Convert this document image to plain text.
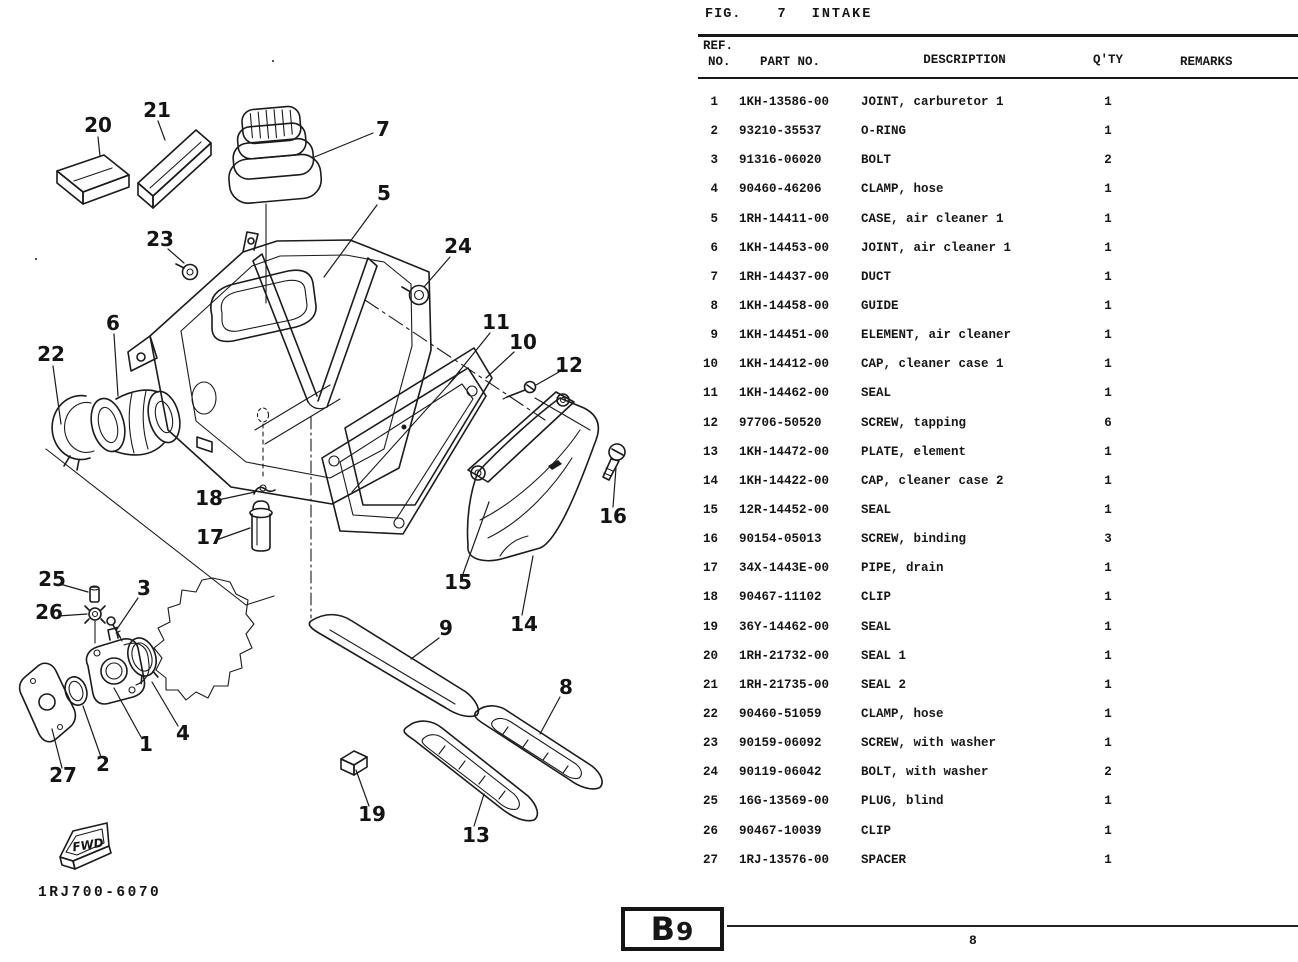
1
2
3
4
5
6
7
8
9
10
11
12
13
14
15
16
17
18
19
20
21
22
23	24
25
26
27
FWD
1RJ700-6070
FIG.	7 INTAKE
REF.
NO. PART NO.	DESCRIPTION	Q'TY	REMARKS
1	1KH-13586-00	JOINT, carburetor 1	1
2	93210-35537	O-RING	1
3	91316-06020	BOLT	2
4	90460-46206	CLAMP, hose	1
5	1RH-14411-00	CASE, air cleaner 1	1
6	1KH-14453-00	JOINT, air cleaner 1	1
7	1RH-14437-00	DUCT	1
8	1KH-14458-00	GUIDE	1
9	1KH-14451-00	ELEMENT, air cleaner	1
10	1KH-14412-00	CAP, cleaner case 1	1
11	1KH-14462-00	SEAL	1
12	97706-50520	SCREW, tapping	6
13	1KH-14472-00	PLATE, element	1
14	1KH-14422-00	CAP, cleaner case 2	1
15	12R-14452-00	SEAL	1
16	90154-05013	SCREW, binding	3
17	34X-1443E-00	PIPE, drain	1
18	90467-11102	CLIP	1
19	36Y-14462-00	SEAL	1
20	1RH-21732-00	SEAL 1	1
21	1RH-21735-00	SEAL 2	1
22	90460-51059	CLAMP, hose	1
23	90159-06092	SCREW, with washer	1
24	90119-06042	BOLT, with washer	2
25	16G-13569-00	PLUG, blind	1
26	90467-10039	CLIP	1
27	1RJ-13576-00	SPACER	1
B9	8
